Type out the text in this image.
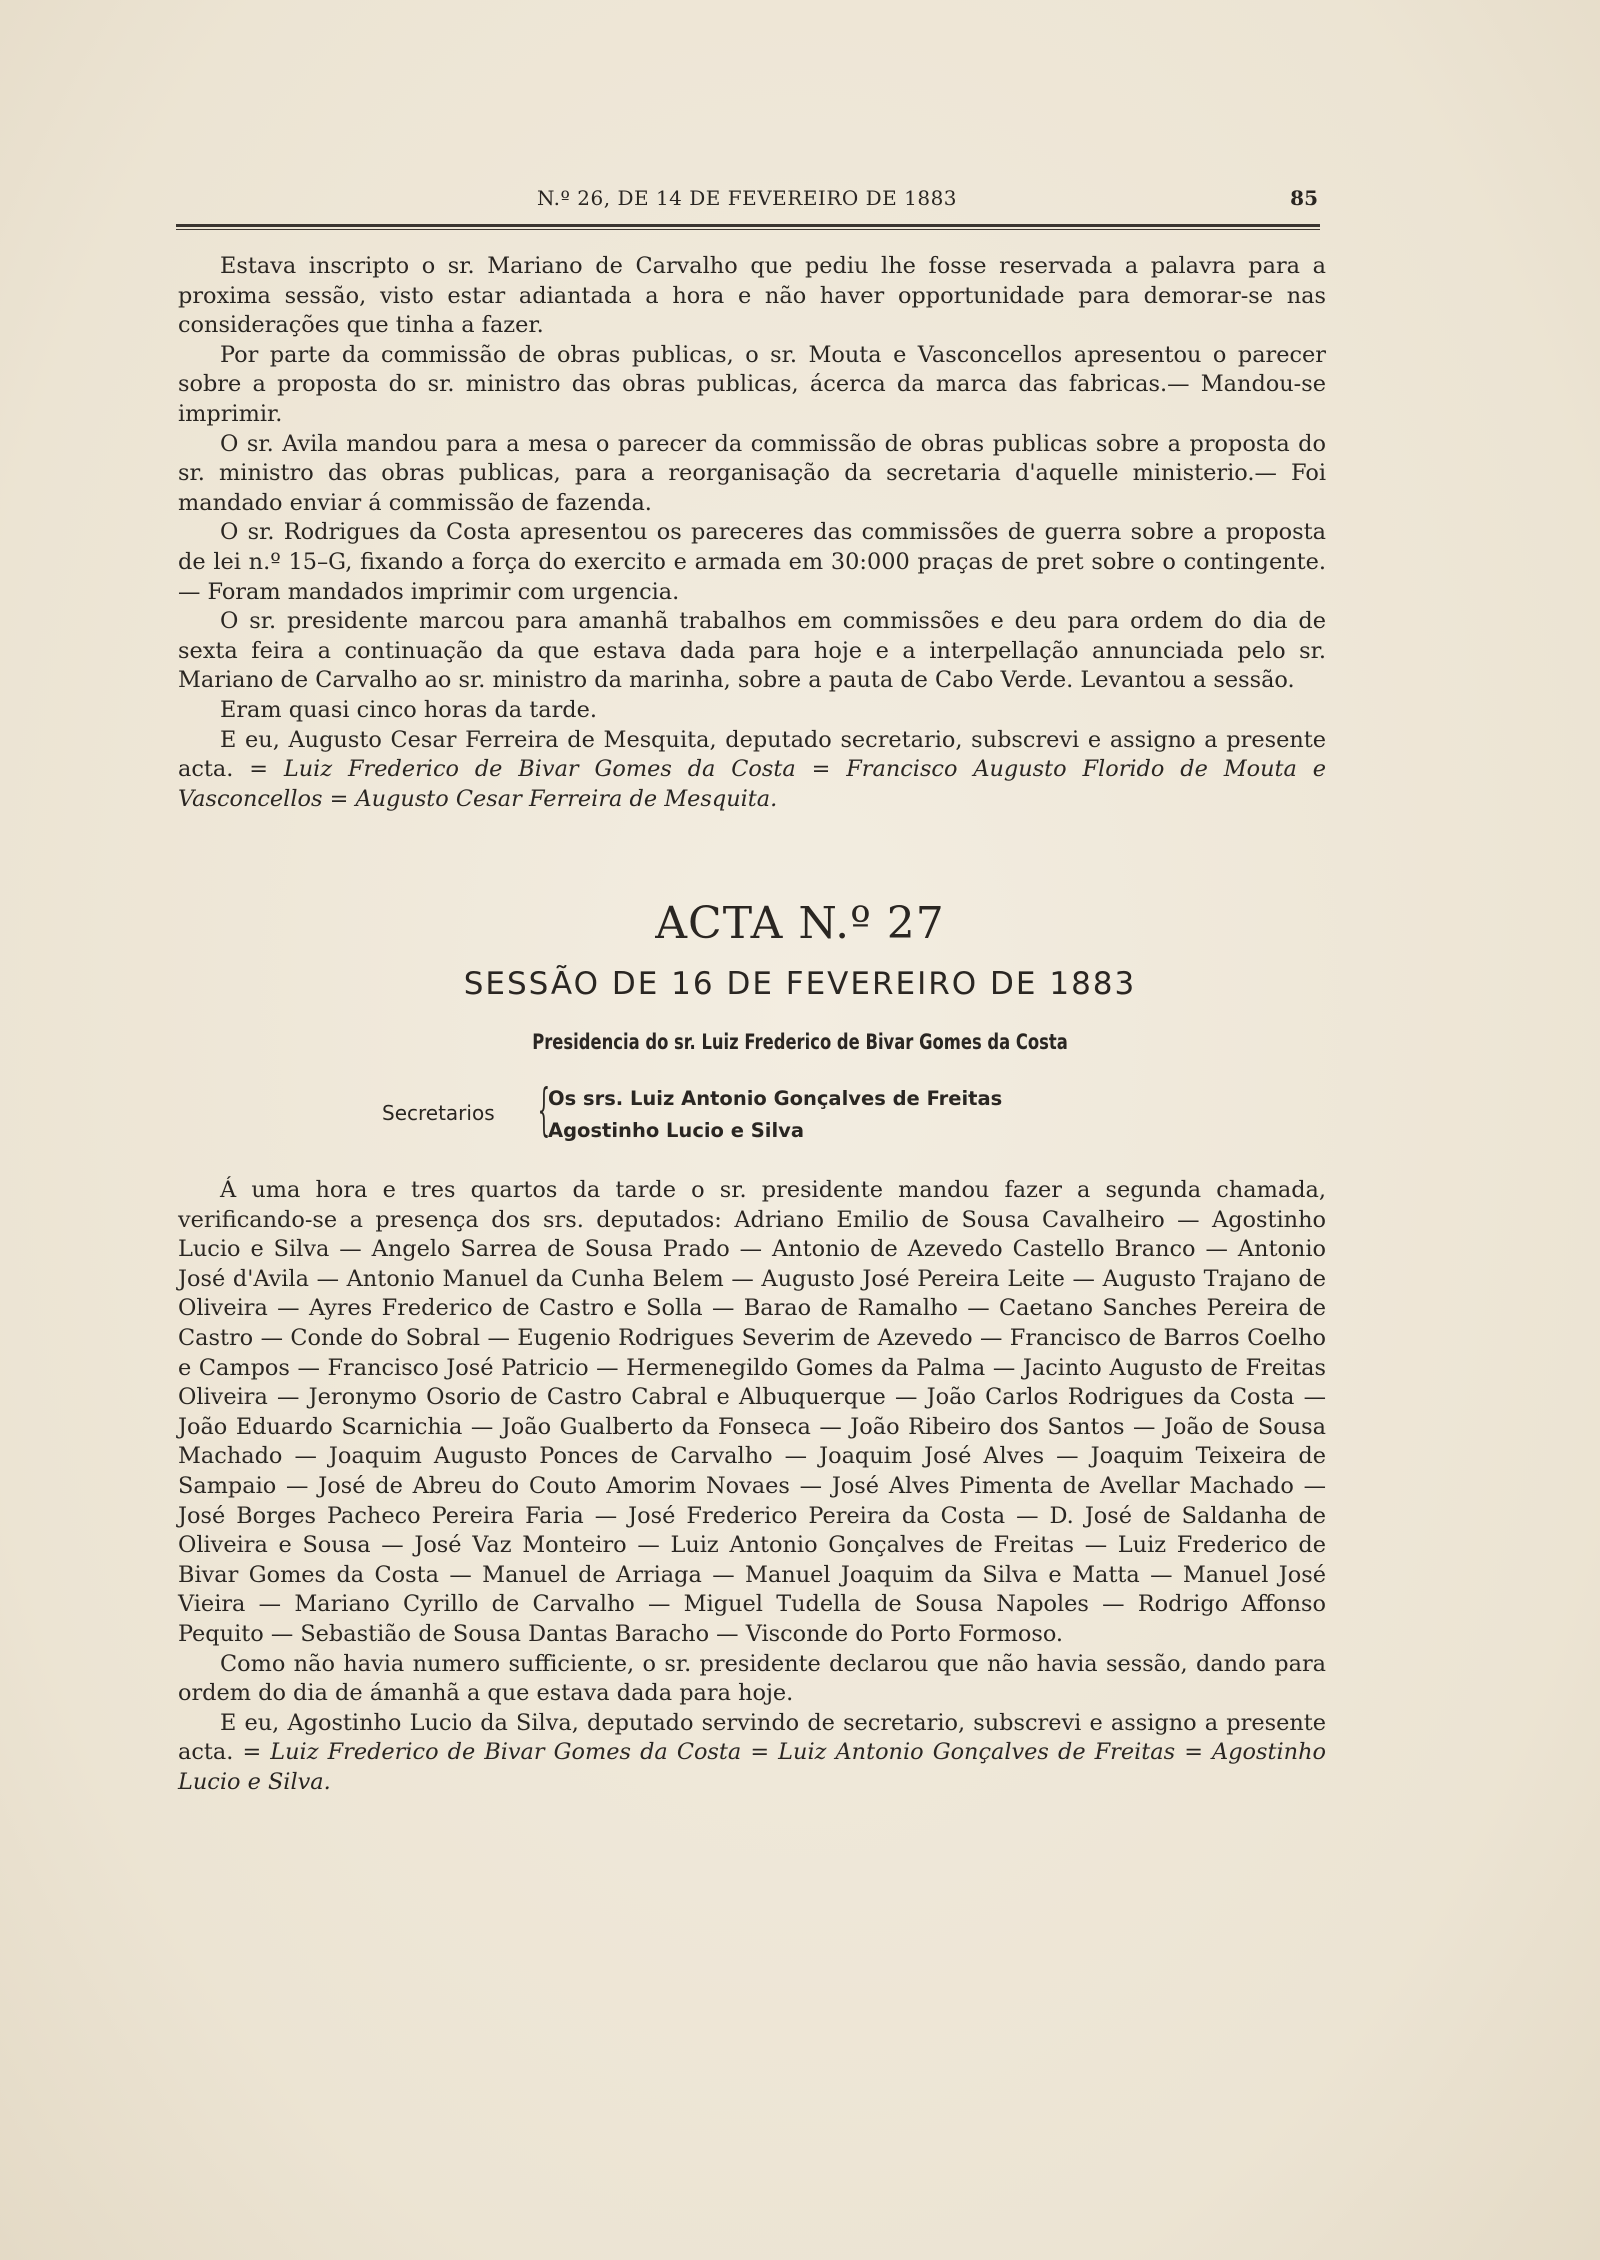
N.º 26, DE 14 DE FEVEREIRO DE 1883	85

Estava inscripto o sr. Mariano de Carvalho que pediu lhe fosse reservada a palavra para a proxima sessão, visto estar adiantada a hora e não haver opportunidade para demorar-se nas considerações que tinha a fazer.

Por parte da commissão de obras publicas, o sr. Mouta e Vasconcellos apresentou o parecer sobre a proposta do sr. ministro das obras publicas, ácerca da marca das fabricas.— Mandou-se imprimir.

O sr. Avila mandou para a mesa o parecer da commissão de obras publicas sobre a proposta do sr. ministro das obras publicas, para a reorganisação da secretaria d'aquelle ministerio.— Foi mandado enviar á commissão de fazenda.

O sr. Rodrigues da Costa apresentou os pareceres das commissões de guerra sobre a proposta de lei n.º 15–G, fixando a força do exercito e armada em 30:000 praças de pret sobre o contingente.— Foram mandados imprimir com urgencia.

O sr. presidente marcou para amanhã trabalhos em commissões e deu para ordem do dia de sexta feira a continuação da que estava dada para hoje e a interpellação annunciada pelo sr. Mariano de Carvalho ao sr. ministro da marinha, sobre a pauta de Cabo Verde. Levantou a sessão.

Eram quasi cinco horas da tarde.

E eu, Augusto Cesar Ferreira de Mesquita, deputado secretario, subscrevi e assigno a presente acta. = Luiz Frederico de Bivar Gomes da Costa = Francisco Augusto Florido de Mouta e Vasconcellos = Augusto Cesar Ferreira de Mesquita.

ACTA N.º 27
SESSÃO DE 16 DE FEVEREIRO DE 1883
Presidencia do sr. Luiz Frederico de Bivar Gomes da Costa
Secretarios {
Os srs. Luiz Antonio Gonçalves de Freitas
Agostinho Lucio e Silva

Á uma hora e tres quartos da tarde o sr. presidente mandou fazer a segunda chamada, verificando-se a presença dos srs. deputados: Adriano Emilio de Sousa Cavalheiro — Agostinho Lucio e Silva — Angelo Sarrea de Sousa Prado — Antonio de Azevedo Castello Branco — Antonio José d'Avila — Antonio Manuel da Cunha Belem — Augusto José Pereira Leite — Augusto Trajano de Oliveira — Ayres Frederico de Castro e Solla — Barao de Ramalho — Caetano Sanches Pereira de Castro — Conde do Sobral — Eugenio Rodrigues Severim de Azevedo — Francisco de Barros Coelho e Campos — Francisco José Patricio — Hermenegildo Gomes da Palma — Jacinto Augusto de Freitas Oliveira — Jeronymo Osorio de Castro Cabral e Albuquerque — João Carlos Rodrigues da Costa — João Eduardo Scarnichia — João Gualberto da Fonseca — João Ribeiro dos Santos — João de Sousa Machado — Joaquim Augusto Ponces de Carvalho — Joaquim José Alves — Joaquim Teixeira de Sampaio — José de Abreu do Couto Amorim Novaes — José Alves Pimenta de Avellar Machado — José Borges Pacheco Pereira Faria — José Frederico Pereira da Costa — D. José de Saldanha de Oliveira e Sousa — José Vaz Monteiro — Luiz Antonio Gonçalves de Freitas — Luiz Frederico de Bivar Gomes da Costa — Manuel de Arriaga — Manuel Joaquim da Silva e Matta — Manuel José Vieira — Mariano Cyrillo de Carvalho — Miguel Tudella de Sousa Napoles — Rodrigo Affonso Pequito — Sebastião de Sousa Dantas Baracho — Visconde do Porto Formoso.

Como não havia numero sufficiente, o sr. presidente declarou que não havia sessão, dando para ordem do dia de ámanhã a que estava dada para hoje.

E eu, Agostinho Lucio da Silva, deputado servindo de secretario, subscrevi e assigno a presente acta. = Luiz Frederico de Bivar Gomes da Costa = Luiz Antonio Gonçalves de Freitas = Agostinho Lucio e Silva.
